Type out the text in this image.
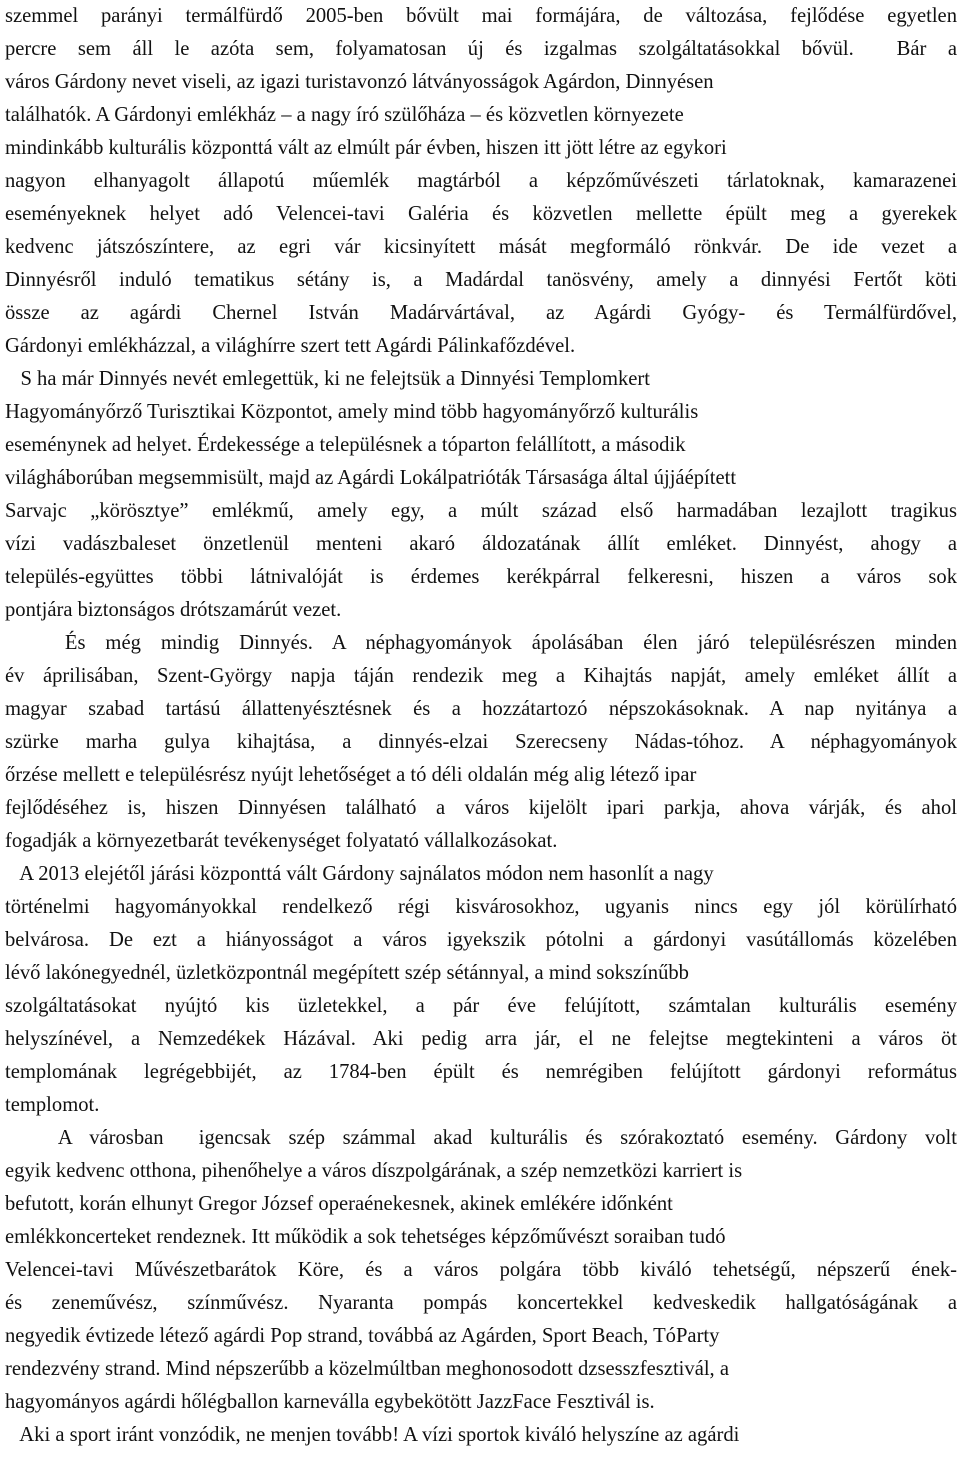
szemmel parányi termálfürdő 2005-ben bővült mai formájára, de változása, fejlődése egyetlen
percre sem áll le azóta sem, folyamatosan új és izgalmas szolgáltatásokkal bővül.  Bár a
város Gárdony nevet viseli, az igazi turistavonzó látványosságok Agárdon, Dinnyésen
találhatók. A Gárdonyi emlékház – a nagy író szülőháza – és közvetlen környezete
mindinkább kulturális központtá vált az elmúlt pár évben, hiszen itt jött létre az egykori
nagyon elhanyagolt állapotú műemlék magtárból a képzőművészeti tárlatoknak, kamarazenei
eseményeknek helyet adó Velencei-tavi Galéria és közvetlen mellette épült meg a gyerekek
kedvenc játszószíntere, az egri vár kicsinyített mását megformáló rönkvár. De ide vezet a
Dinnyésről induló tematikus sétány is, a Madárdal tanösvény, amely a dinnyési Fertőt köti
össze az agárdi Chernel István Madárvártával, az Agárdi Gyógy- és Termálfürdővel,
Gárdonyi emlékházzal, a világhírre szert tett Agárdi Pálinkafőzdével.
S ha már Dinnyés nevét emlegettük, ki ne felejtsük a Dinnyési Templomkert
Hagyományőrző Turisztikai Központot, amely mind több hagyományőrző kulturális
eseménynek ad helyet. Érdekessége a településnek a tóparton felállított, a második
világháborúban megsemmisült, majd az Agárdi Lokálpatrióták Társasága által újjáépített
Sarvajc „körösztye” emlékmű, amely egy, a múlt század első harmadában lezajlott tragikus
vízi vadászbaleset önzetlenül menteni akaró áldozatának állít emléket. Dinnyést, ahogy a
település-együttes többi látnivalóját is érdemes kerékpárral felkeresni, hiszen a város sok
pontjára biztonságos drótszamárút vezet.
És még mindig Dinnyés. A néphagyományok ápolásában élen járó településrészen minden
év áprilisában, Szent-György napja táján rendezik meg a Kihajtás napját, amely emléket állít a
magyar szabad tartású állattenyésztésnek és a hozzátartozó népszokásoknak. A nap nyitánya a
szürke marha gulya kihajtása, a dinnyés-elzai Szerecseny Nádas-tóhoz. A néphagyományok
őrzése mellett e településrész nyújt lehetőséget a tó déli oldalán még alig létező ipar
fejlődéséhez is, hiszen Dinnyésen található a város kijelölt ipari parkja, ahova várják, és ahol
fogadják a környezetbarát tevékenységet folyatató vállalkozásokat.
A 2013 elejétől járási központtá vált Gárdony sajnálatos módon nem hasonlít a nagy
történelmi hagyományokkal rendelkező régi kisvárosokhoz, ugyanis nincs egy jól körülírható
belvárosa. De ezt a hiányosságot a város igyekszik pótolni a gárdonyi vasútállomás közelében
lévő lakónegyednél, üzletközpontnál megépített szép sétánnyal, a mind sokszínűbb
szolgáltatásokat nyújtó kis üzletekkel, a pár éve felújított, számtalan kulturális esemény
helyszínével, a Nemzedékek Házával. Aki pedig arra jár, el ne felejtse megtekinteni a város öt
templomának legrégebbijét, az 1784-ben épült és nemrégiben felújított gárdonyi református
templomot.
A városban  igencsak szép számmal akad kulturális és szórakoztató esemény. Gárdony volt
egyik kedvenc otthona, pihenőhelye a város díszpolgárának, a szép nemzetközi karriert is
befutott, korán elhunyt Gregor József operaénekesnek, akinek emlékére időnként
emlékkoncerteket rendeznek. Itt működik a sok tehetséges képzőművészt soraiban tudó
Velencei-tavi Művészetbarátok Köre, és a város polgára több kiváló tehetségű, népszerű ének-
és zeneművész, színművész. Nyaranta pompás koncertekkel kedveskedik hallgatóságának a
negyedik évtizede létező agárdi Pop strand, továbbá az Agárden, Sport Beach, TóParty
rendezvény strand. Mind népszerűbb a közelmúltban meghonosodott dzsesszfesztivál, a
hagyományos agárdi hőlégballon karneválla egybekötött JazzFace Fesztivál is.
Aki a sport iránt vonzódik, ne menjen tovább! A vízi sportok kiváló helyszíne az agárdi
